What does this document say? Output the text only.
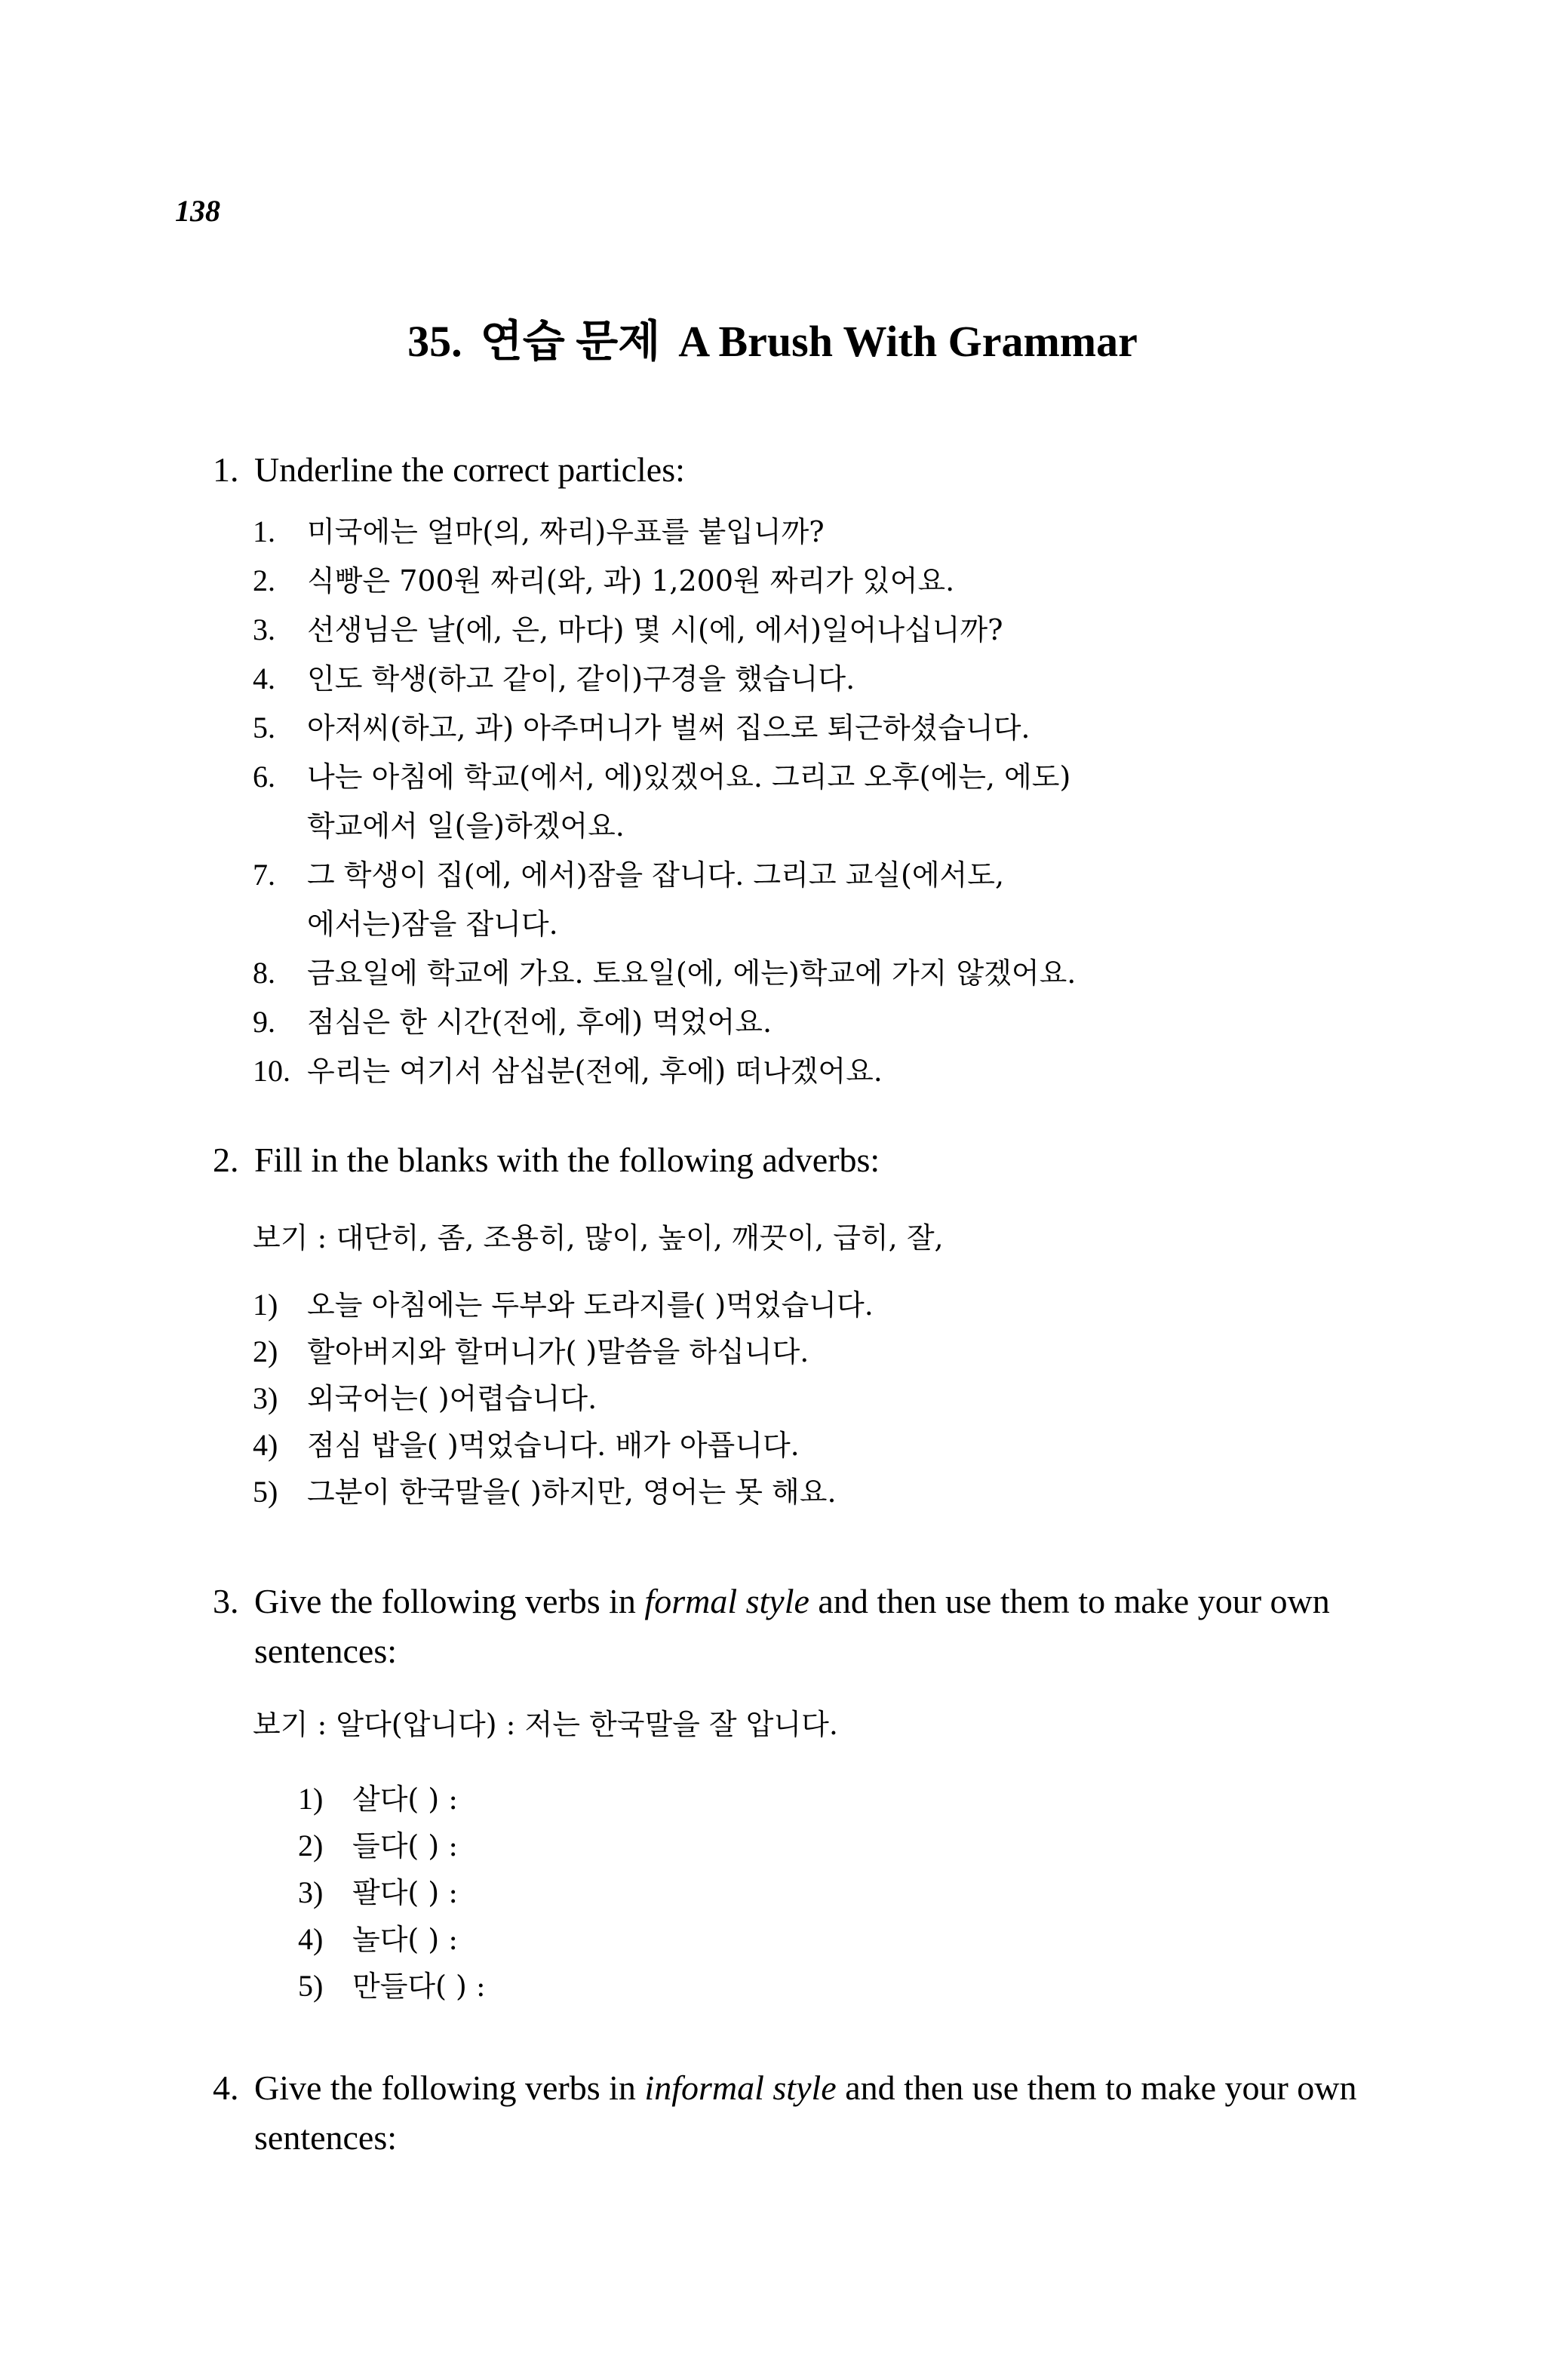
138
35. 연습 문제 A Brush With Grammar
1. Underline the correct particles:
1.	미국에는 얼마(의, 짜리)우표를 붙입니까?
2.	식빵은 700원 짜리(와, 과) 1,200원 짜리가 있어요.
3.	선생님은 날(에, 은, 마다) 몇 시(에, 에서)일어나십니까?
4.	인도 학생(하고 같이, 같이)구경을 했습니다.
5.	아저씨(하고, 과) 아주머니가 벌써 집으로 퇴근하셨습니다.
6.	나는 아침에 학교(에서, 에)있겠어요. 그리고 오후(에는, 에도)
학교에서 일(을)하겠어요.
7.	그 학생이 집(에, 에서)잠을 잡니다. 그리고 교실(에서도,
에서는)잠을 잡니다.
8.	금요일에 학교에 가요. 토요일(에, 에는)학교에 가지 않겠어요.
9.	점심은 한 시간(전에, 후에) 먹었어요.
10. 우리는 여기서 삼십분(전에, 후에) 떠나겠어요.
2. Fill in the blanks with the following adverbs:
보기 : 대단히, 좀, 조용히, 많이, 높이, 깨끗이, 급히, 잘,
1)	오늘 아침에는 두부와 도라지를( )먹었습니다.
2)	할아버지와 할머니가( )말씀을 하십니다.
3)	외국어는( )어렵습니다.
4)	점심 밥을( )먹었습니다. 배가 아픕니다.
5)	그분이 한국말을( )하지만, 영어는 못 해요.
3. Give the following verbs in formal style and then use them to make your own sentences:
보기 : 알다(압니다) : 저는 한국말을 잘 압니다.
1)	살다( ) :
2)	들다( ) :
3)	팔다( ) :
4)	놀다( ) :
5)	만들다( ) :
4. Give the following verbs in informal style and then use them to make your own sentences:
